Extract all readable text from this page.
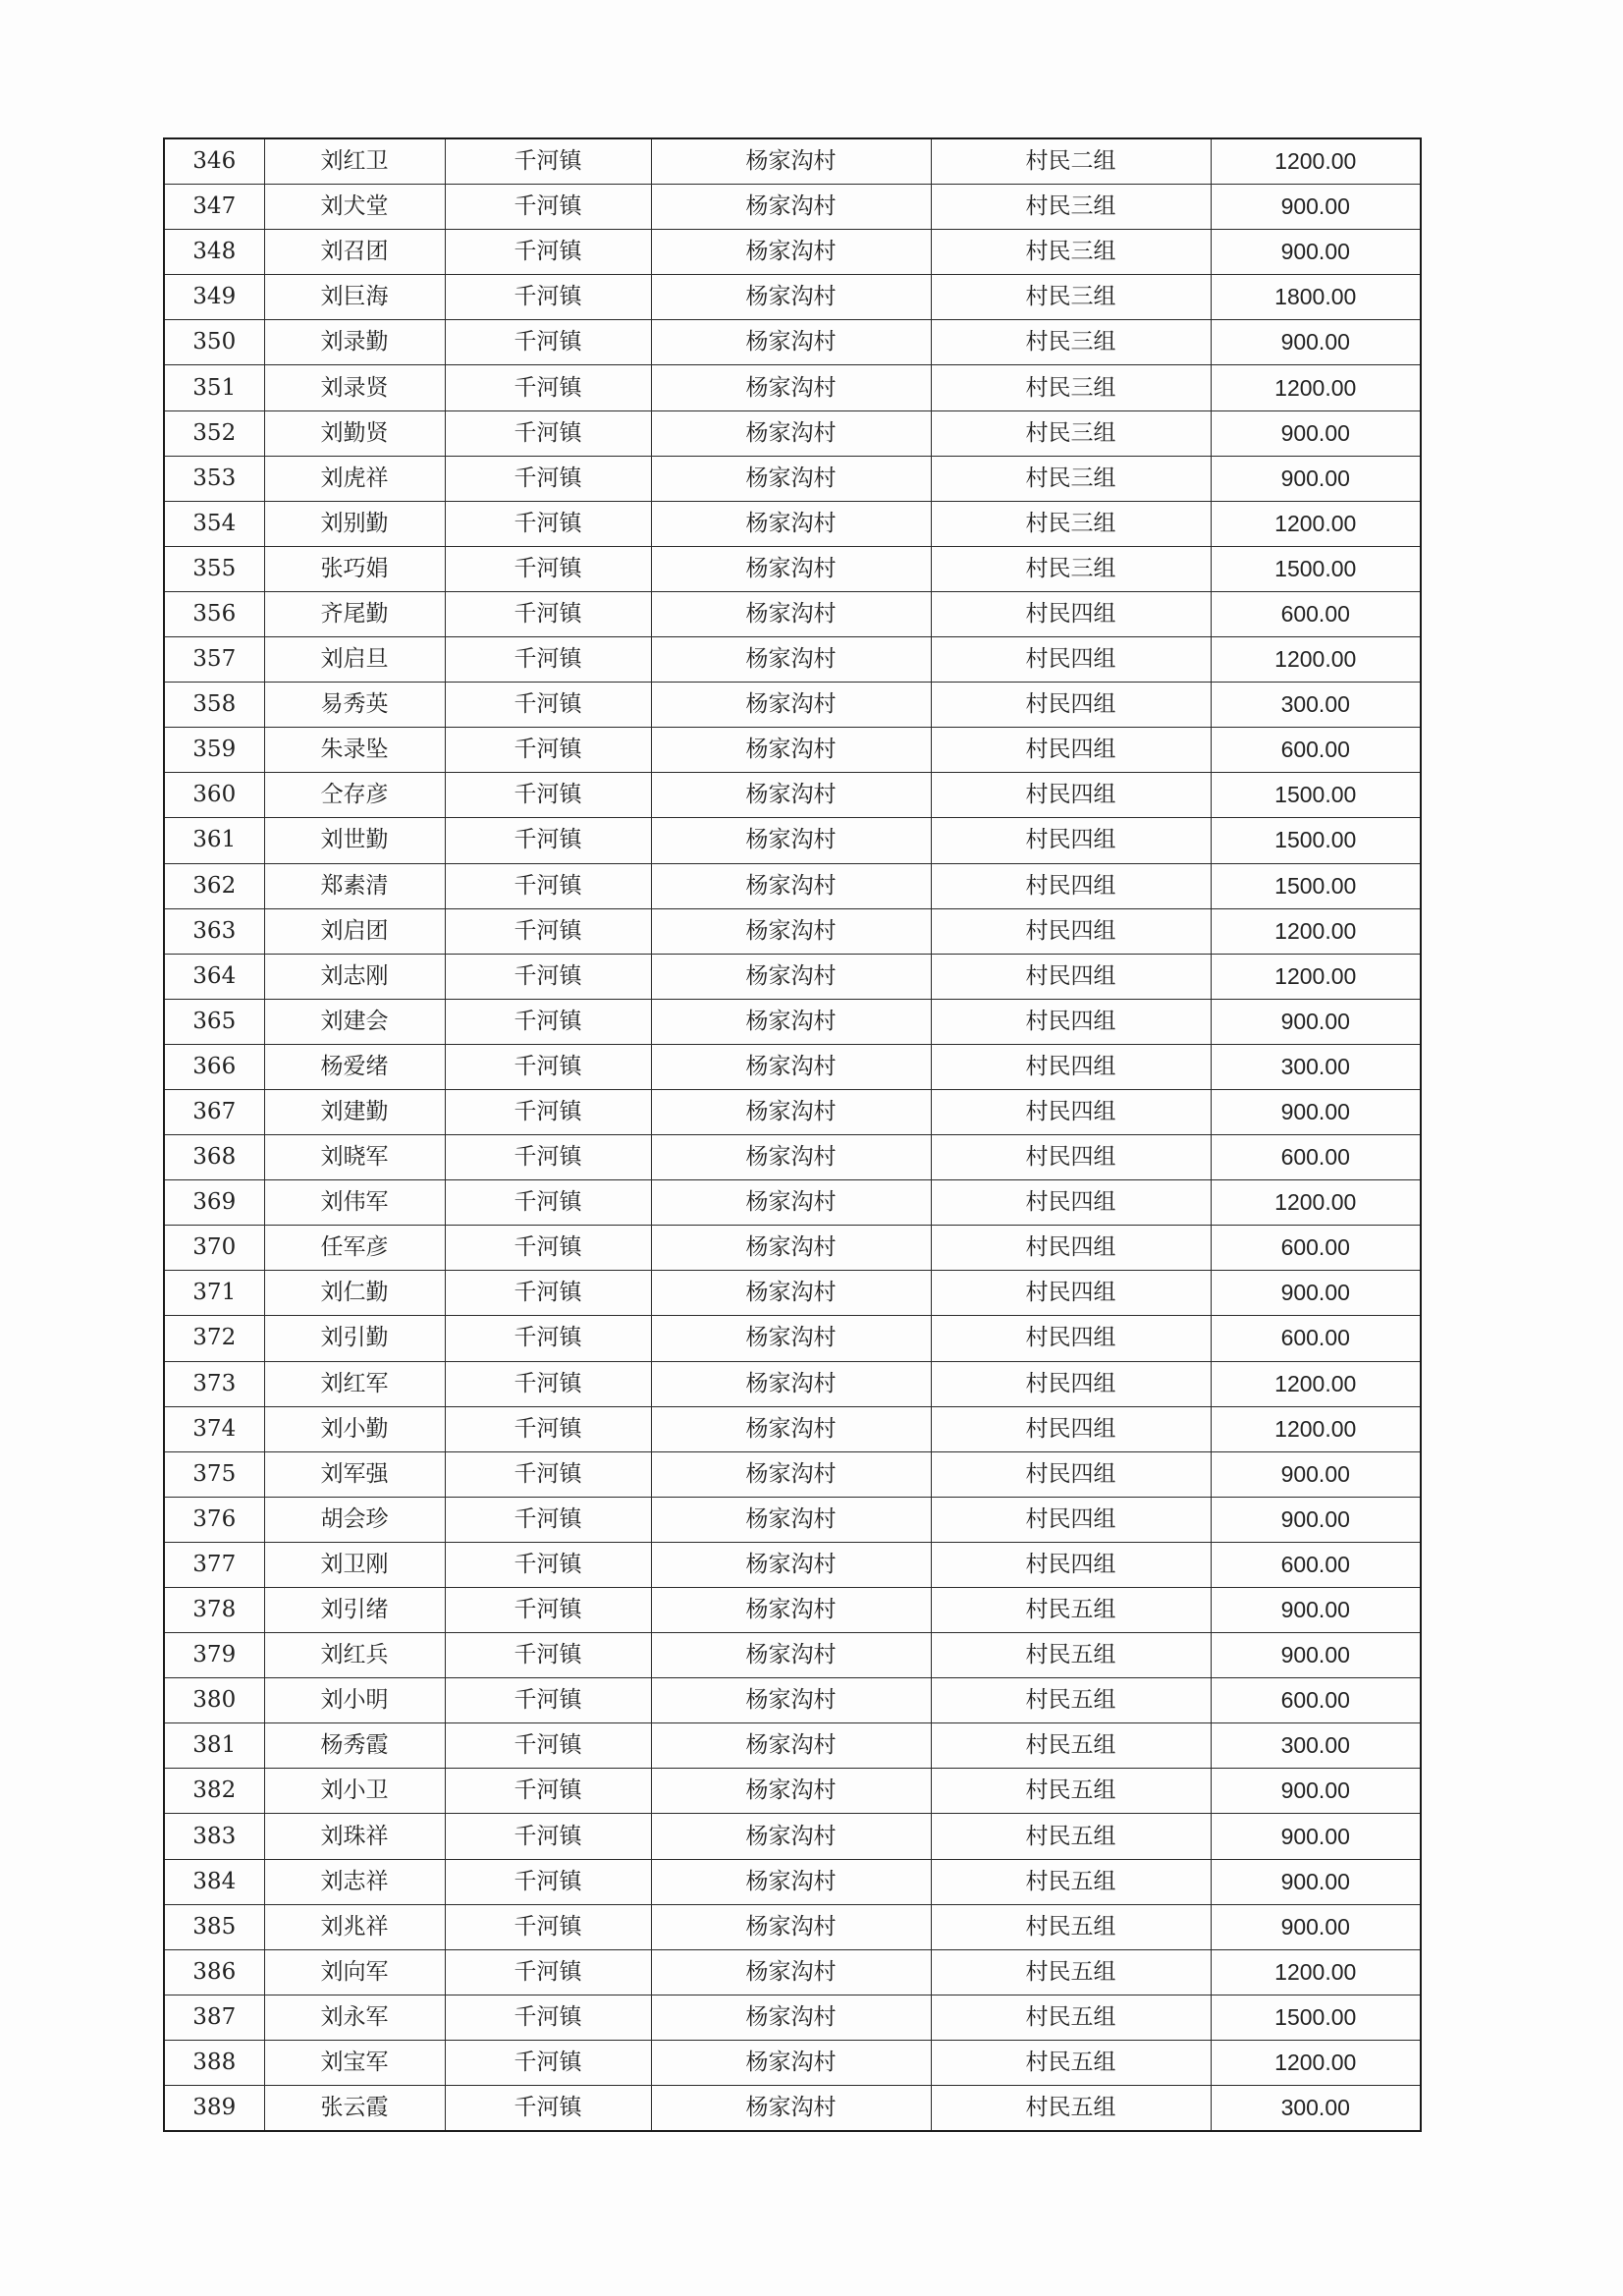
346	刘红卫	千河镇	杨家沟村	村民二组	1200.00
347	刘犬堂	千河镇	杨家沟村	村民三组	900.00
348	刘召团	千河镇	杨家沟村	村民三组	900.00
349	刘巨海	千河镇	杨家沟村	村民三组	1800.00
350	刘录勤	千河镇	杨家沟村	村民三组	900.00
351	刘录贤	千河镇	杨家沟村	村民三组	1200.00
352	刘勤贤	千河镇	杨家沟村	村民三组	900.00
353	刘虎祥	千河镇	杨家沟村	村民三组	900.00
354	刘别勤	千河镇	杨家沟村	村民三组	1200.00
355	张巧娟	千河镇	杨家沟村	村民三组	1500.00
356	齐尾勤	千河镇	杨家沟村	村民四组	600.00
357	刘启旦	千河镇	杨家沟村	村民四组	1200.00
358	易秀英	千河镇	杨家沟村	村民四组	300.00
359	朱录坠	千河镇	杨家沟村	村民四组	600.00
360	仝存彦	千河镇	杨家沟村	村民四组	1500.00
361	刘世勤	千河镇	杨家沟村	村民四组	1500.00
362	郑素清	千河镇	杨家沟村	村民四组	1500.00
363	刘启团	千河镇	杨家沟村	村民四组	1200.00
364	刘志刚	千河镇	杨家沟村	村民四组	1200.00
365	刘建会	千河镇	杨家沟村	村民四组	900.00
366	杨爱绪	千河镇	杨家沟村	村民四组	300.00
367	刘建勤	千河镇	杨家沟村	村民四组	900.00
368	刘晓军	千河镇	杨家沟村	村民四组	600.00
369	刘伟军	千河镇	杨家沟村	村民四组	1200.00
370	任军彦	千河镇	杨家沟村	村民四组	600.00
371	刘仁勤	千河镇	杨家沟村	村民四组	900.00
372	刘引勤	千河镇	杨家沟村	村民四组	600.00
373	刘红军	千河镇	杨家沟村	村民四组	1200.00
374	刘小勤	千河镇	杨家沟村	村民四组	1200.00
375	刘军强	千河镇	杨家沟村	村民四组	900.00
376	胡会珍	千河镇	杨家沟村	村民四组	900.00
377	刘卫刚	千河镇	杨家沟村	村民四组	600.00
378	刘引绪	千河镇	杨家沟村	村民五组	900.00
379	刘红兵	千河镇	杨家沟村	村民五组	900.00
380	刘小明	千河镇	杨家沟村	村民五组	600.00
381	杨秀霞	千河镇	杨家沟村	村民五组	300.00
382	刘小卫	千河镇	杨家沟村	村民五组	900.00
383	刘珠祥	千河镇	杨家沟村	村民五组	900.00
384	刘志祥	千河镇	杨家沟村	村民五组	900.00
385	刘兆祥	千河镇	杨家沟村	村民五组	900.00
386	刘向军	千河镇	杨家沟村	村民五组	1200.00
387	刘永军	千河镇	杨家沟村	村民五组	1500.00
388	刘宝军	千河镇	杨家沟村	村民五组	1200.00
389	张云霞	千河镇	杨家沟村	村民五组	300.00
